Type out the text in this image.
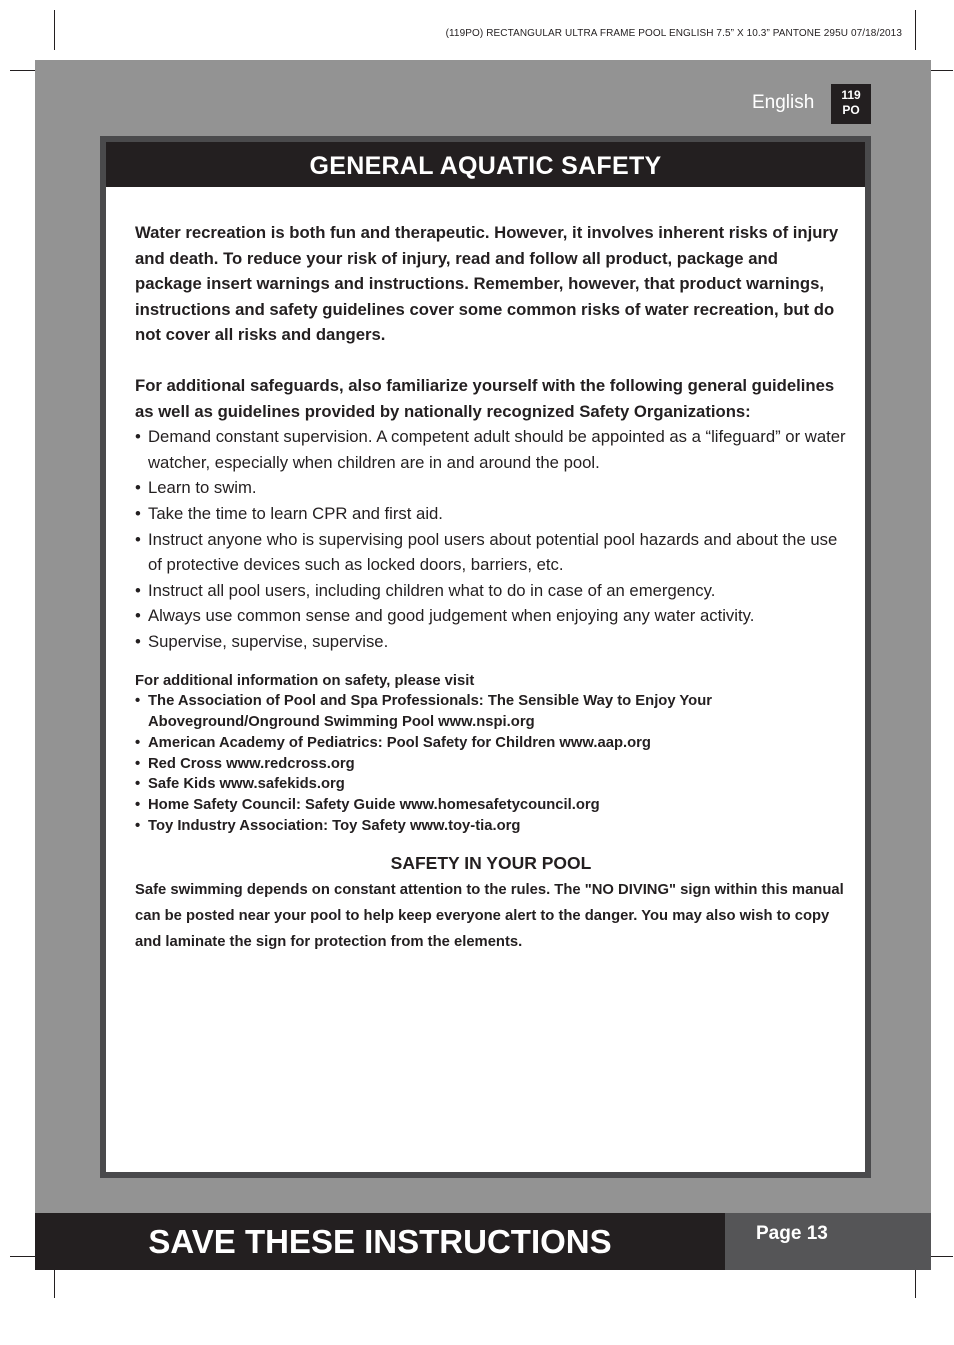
(119PO) RECTANGULAR ULTRA FRAME POOL ENGLISH 7.5” X 10.3” PANTONE 295U 07/18/2013
English	119
PO
GENERAL AQUATIC SAFETY

Water recreation is both fun and therapeutic. However, it involves inherent risks of injury and death. To reduce your risk of injury, read and follow all product, package and package insert warnings and instructions. Remember, however, that product warnings, instructions and safety guidelines cover some common risks of water recreation, but do not cover all risks and dangers.

For additional safeguards, also familiarize yourself with the following general guidelines as well as guidelines provided by nationally recognized Safety Organizations:

• Demand constant supervision. A competent adult should be appointed as a “lifeguard” or water watcher, especially when children are in and around the pool.
• Learn to swim.
• Take the time to learn CPR and first aid.
• Instruct anyone who is supervising pool users about potential pool hazards and about the use of protective devices such as locked doors, barriers, etc.
• Instruct all pool users, including children what to do in case of an emergency.
• Always use common sense and good judgement when enjoying any water activity.
• Supervise, supervise, supervise.
For additional information on safety, please visit
• The Association of Pool and Spa Professionals: The Sensible Way to Enjoy Your Aboveground/Onground Swimming Pool www.nspi.org
• American Academy of Pediatrics: Pool Safety for Children www.aap.org
• Red Cross www.redcross.org
• Safe Kids www.safekids.org
• Home Safety Council: Safety Guide www.homesafetycouncil.org
• Toy Industry Association: Toy Safety www.toy-tia.org
SAFETY IN YOUR POOL
Safe swimming depends on constant attention to the rules. The "NO DIVING" sign within this manual can be posted near your pool to help keep everyone alert to the danger. You may also wish to copy and laminate the sign for protection from the elements.
SAVE THESE INSTRUCTIONS	Page 13
